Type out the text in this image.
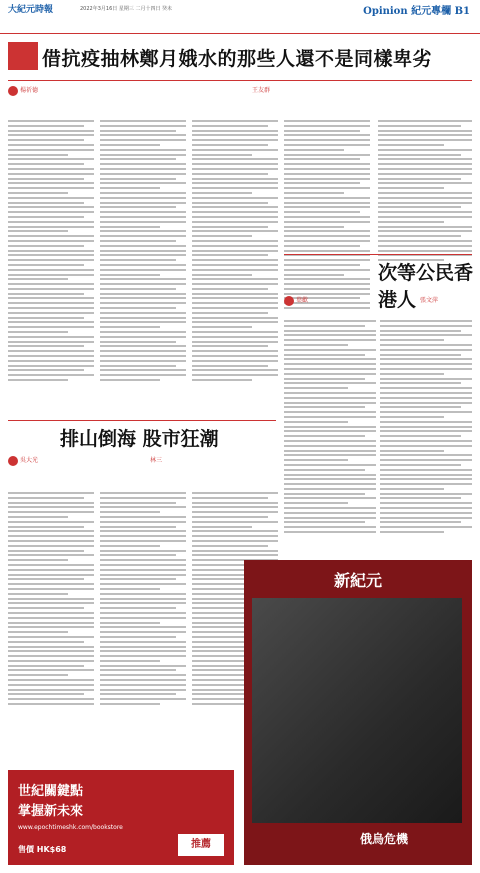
大紀元時報	2022年3月16日 星期三 二月十四日 癸未	Opinion 紀元專欄 B1
借抗疫抽林鄭月娥水的那些人還不是同樣卑劣
楊祈德	王友群
次等公民香港人
葉歡	張文萍
排山倒海 股市狂潮
吳大光	林三
世紀關鍵點
掌握新未來
www.epochtimeshk.com/bookstore
售價 HK$68	推薦
新紀元
俄烏危機
